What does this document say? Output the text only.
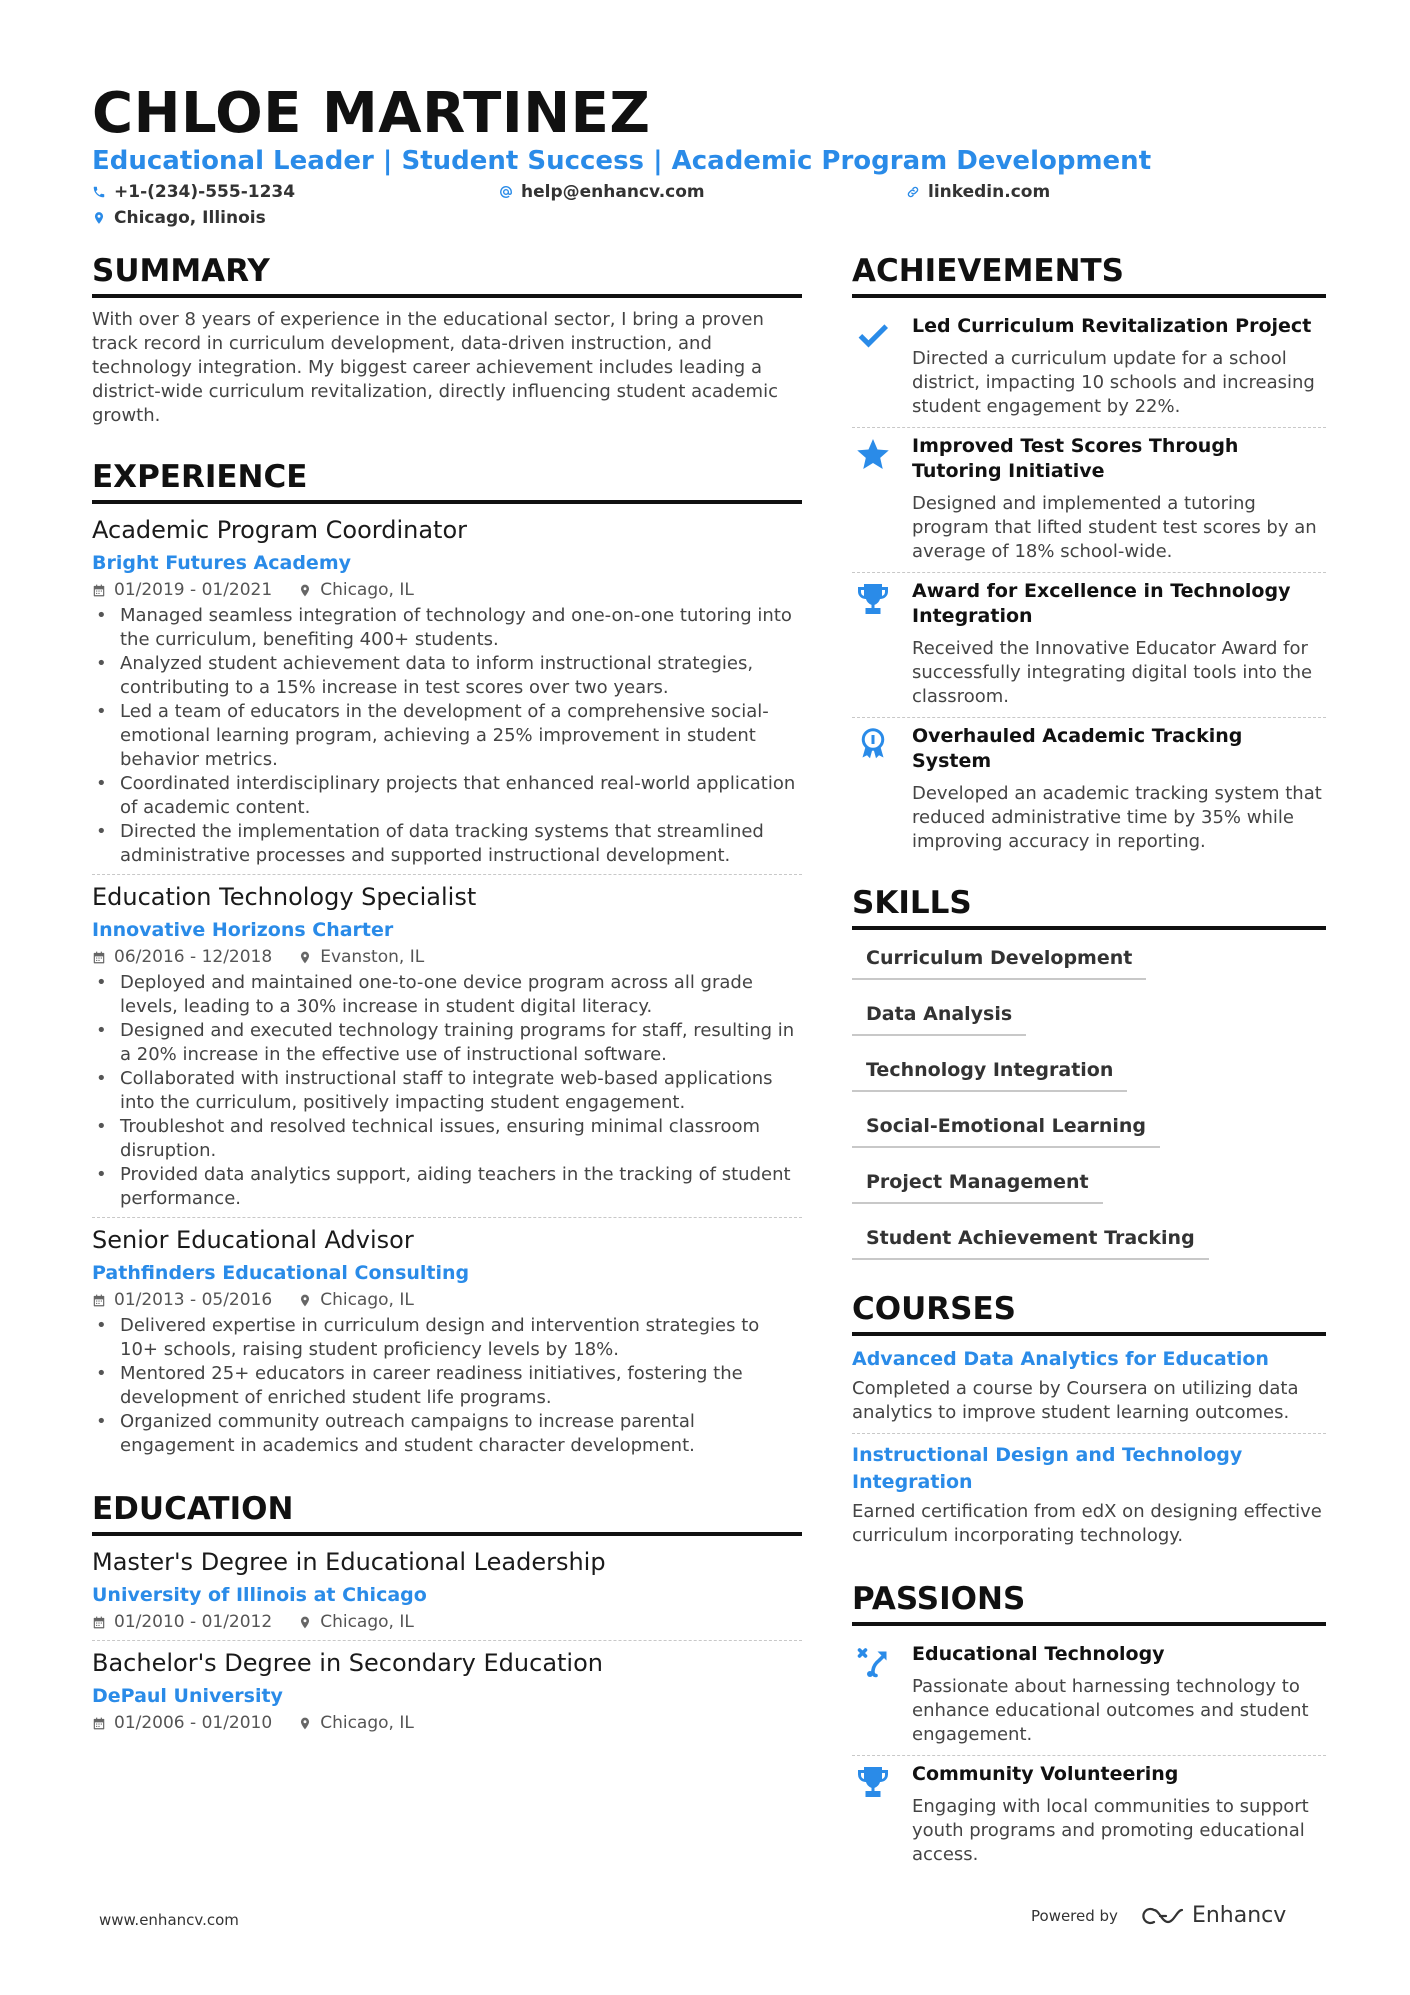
CHLOE MARTINEZ
Educational Leader | Student Success | Academic Program Development
+1-(234)-555-1234	help@enhancv.com	linkedin.com
Chicago, Illinois
SUMMARY
With over 8 years of experience in the educational sector, I bring a proven track record in curriculum development, data-driven instruction, and technology integration. My biggest career achievement includes leading a district-wide curriculum revitalization, directly influencing student academic growth.
EXPERIENCE
Academic Program Coordinator
Bright Futures Academy
01/2019 - 01/2021	Chicago, IL
• Managed seamless integration of technology and one-on-one tutoring into the curriculum, benefiting 400+ students.
• Analyzed student achievement data to inform instructional strategies, contributing to a 15% increase in test scores over two years.
• Led a team of educators in the development of a comprehensive social-emotional learning program, achieving a 25% improvement in student behavior metrics.
• Coordinated interdisciplinary projects that enhanced real-world application of academic content.
• Directed the implementation of data tracking systems that streamlined administrative processes and supported instructional development.
Education Technology Specialist
Innovative Horizons Charter
06/2016 - 12/2018	Evanston, IL
• Deployed and maintained one-to-one device program across all grade levels, leading to a 30% increase in student digital literacy.
• Designed and executed technology training programs for staff, resulting in a 20% increase in the effective use of instructional software.
• Collaborated with instructional staff to integrate web-based applications into the curriculum, positively impacting student engagement.
• Troubleshot and resolved technical issues, ensuring minimal classroom disruption.
• Provided data analytics support, aiding teachers in the tracking of student performance.
Senior Educational Advisor
Pathfinders Educational Consulting
01/2013 - 05/2016	Chicago, IL
• Delivered expertise in curriculum design and intervention strategies to 10+ schools, raising student proficiency levels by 18%.
• Mentored 25+ educators in career readiness initiatives, fostering the development of enriched student life programs.
• Organized community outreach campaigns to increase parental engagement in academics and student character development.
EDUCATION
Master's Degree in Educational Leadership
University of Illinois at Chicago
01/2010 - 01/2012	Chicago, IL
Bachelor's Degree in Secondary Education
DePaul University
01/2006 - 01/2010	Chicago, IL
ACHIEVEMENTS
Led Curriculum Revitalization Project
Directed a curriculum update for a school district, impacting 10 schools and increasing student engagement by 22%.
Improved Test Scores Through Tutoring Initiative
Designed and implemented a tutoring program that lifted student test scores by an average of 18% school-wide.
Award for Excellence in Technology Integration
Received the Innovative Educator Award for successfully integrating digital tools into the classroom.
Overhauled Academic Tracking System
Developed an academic tracking system that reduced administrative time by 35% while improving accuracy in reporting.
SKILLS
Curriculum Development
Data Analysis
Technology Integration
Social-Emotional Learning
Project Management
Student Achievement Tracking
COURSES
Advanced Data Analytics for Education
Completed a course by Coursera on utilizing data analytics to improve student learning outcomes.
Instructional Design and Technology Integration
Earned certification from edX on designing effective curriculum incorporating technology.
PASSIONS
Educational Technology
Passionate about harnessing technology to enhance educational outcomes and student engagement.
Community Volunteering
Engaging with local communities to support youth programs and promoting educational access.
www.enhancv.com	Powered by	Enhancv
